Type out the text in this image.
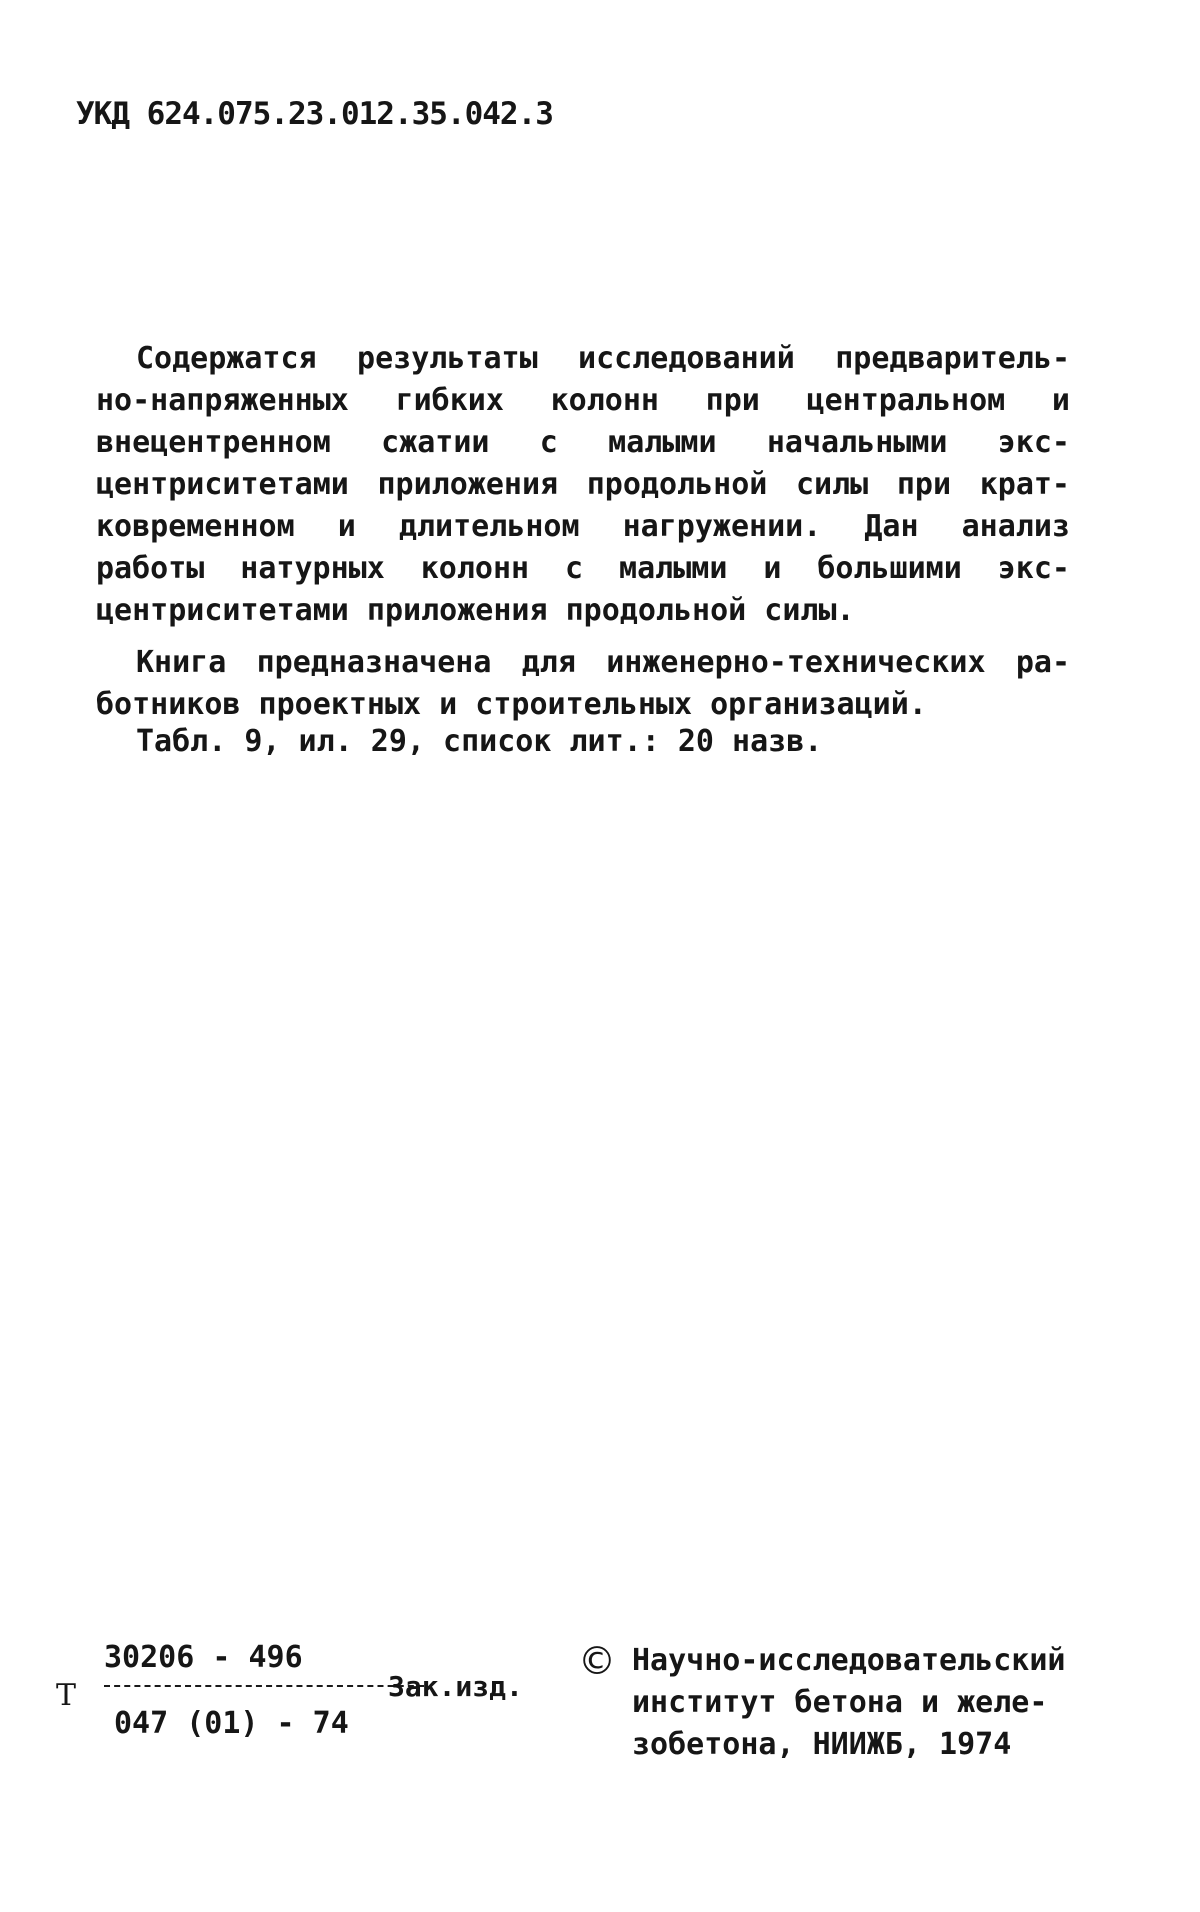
УКД 624.075.23.012.35.042.3
Содержатся результаты исследований предваритель-
но-напряженных гибких колонн при центральном и
внецентренном сжатии с малыми начальными экс-
центриситетами приложения продольной силы при крат-
ковременном и длительном нагружении. Дан анализ
работы натурных колонн с малыми и большими экс-
центриситетами приложения продольной силы.
Книга предназначена для инженерно-технических ра-
ботников проектных и строительных организаций.
Табл. 9, ил. 29, список лит.: 20 назв.
Т
30206 - 496
047 (01) - 74
Зак.изд.
© Научно-исследовательский
институт бетона и желе-
зобетона, НИИЖБ, 1974
